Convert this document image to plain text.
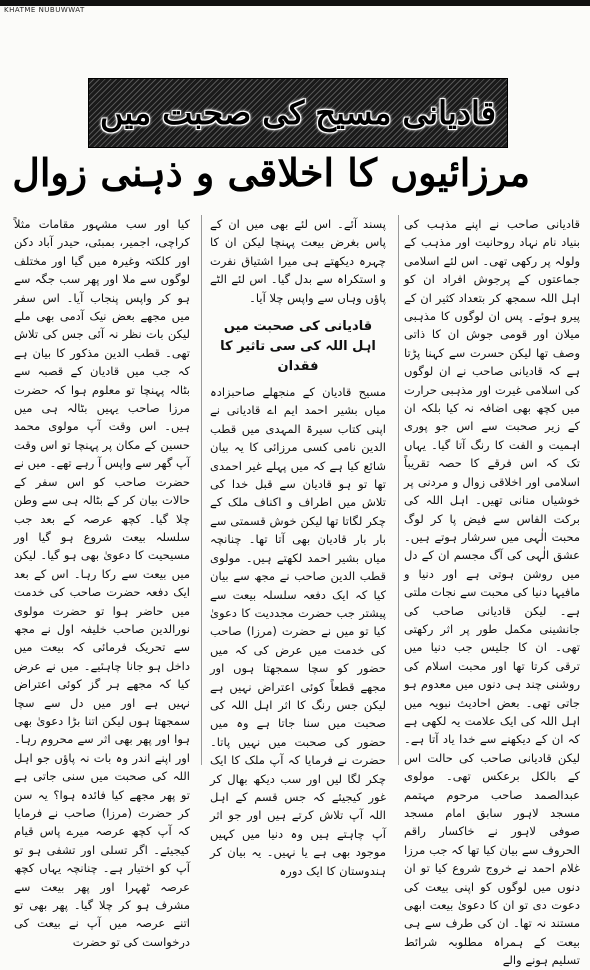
KHATME NUBUWWAT
قادیانی مسیح کی صحبت میں
مرزائیوں کا اخلاقی و ذہنی زوال

قادیانی صاحب نے اپنے مذہب کی بنیاد نام نہاد روحانیت اور مذہب کے ولولہ پر رکھی تھی۔ اس لئے اسلامی جماعتوں کے پرجوش افراد ان کو اہل اللہ سمجھ کر بتعداد کثیر ان کے پیرو ہوئے۔ پس ان لوگوں کا مذہبی میلان اور قومی جوش ان کا ذاتی وصف تھا لیکن حسرت سے کہنا پڑتا ہے کہ قادیانی صاحب نے ان لوگوں کی اسلامی غیرت اور مذہبی حرارت میں کچھ بھی اضافہ نہ کیا بلکہ ان کے زیر صحبت سے اس جو پوری اہمیت و الفت کا رنگ آتا گیا۔ یہاں تک کہ اس فرقے کا حصہ تقریباً اسلامی اور اخلاقی زوال و مردنی پر خوشیاں منانی تھیں۔ اہل اللہ کی برکت الفاس سے فیض پا کر لوگ محبت الٰہی میں سرشار ہوتے ہیں۔ عشق الٰہی کی آگ مجسم ان کے دل میں روشن ہوتی ہے اور دنیا و مافیہا دنیا کی محبت سے نجات ملتی ہے۔ لیکن قادیانی صاحب کی جانشینی مکمل طور پر اثر رکھتی تھی۔ ان کا جلیس جب دنیا میں ترقی کرتا تھا اور محبت اسلام کی روشنی چند ہی دنوں میں معدوم ہو جاتی تھی۔ بعض احادیث نبویہ میں اہل اللہ کی ایک علامت یہ لکھی ہے کہ ان کے دیکھنے سے خدا یاد آتا ہے۔ لیکن قادیانی صاحب کی حالت اس کے بالکل برعکس تھی۔ مولوی عبدالصمد صاحب مرحوم مہتمم مسجد لاہور سابق امام مسجد صوفی لاہور نے خاکسار راقم الحروف سے بیان کیا تھا کہ جب مرزا غلام احمد نے خروج شروع کیا تو ان دنوں میں لوگوں کو اپنی بیعت کی دعوت دی تو ان کا دعویٰ بیعت ابھی مستند نہ تھا۔ ان کی طرف سے ہی بیعت کے ہمراہ مطلوبہ شرائط تسلیم ہونے والے

پسند آئے۔ اس لئے بھی میں ان کے پاس بغرض بیعت پہنچا لیکن ان کا چہرہ دیکھتے ہی میرا اشتیاق نفرت و استکراہ سے بدل گیا۔ اس لئے الٹے پاؤں وہاں سے واپس چلا آیا۔

قادیانی کی صحبت میں اہل اللہ کی سی تاثیر کا فقدان

مسیح قادیان کے منجھلے صاحبزادہ میاں بشیر احمد ایم اے قادیانی نے اپنی کتاب سیرۃ المہدی میں قطب الدین نامی کسی مرزائی کا یہ بیان شائع کیا ہے کہ میں پہلے غیر احمدی تھا تو ہو قادیان سے قبل خدا کی تلاش میں اطراف و اکناف ملک کے چکر لگاتا تھا لیکن خوش قسمتی سے بار بار قادیان بھی آتا تھا۔ چنانچہ میاں بشیر احمد لکھتے ہیں۔ مولوی قطب الدین صاحب نے مجھ سے بیان کیا کہ ایک دفعہ سلسلہ بیعت سے پیشتر جب حضرت مجددیت کا دعویٰ کیا تو میں نے حضرت (مرزا) صاحب کی خدمت میں عرض کی کہ میں حضور کو سچا سمجھتا ہوں اور مجھے قطعاً کوئی اعتراض نہیں ہے لیکن جس رنگ کا اثر اہل اللہ کی صحبت میں سنا جاتا ہے وہ میں حضور کی صحبت میں نہیں پاتا۔ حضرت نے فرمایا کہ آپ ملک کا ایک چکر لگا لیں اور سب دیکھ بھال کر غور کیجیئے کہ جس قسم کے اہل اللہ آپ تلاش کرتے ہیں اور جو اثر آپ چاہتے ہیں وہ دنیا میں کہیں موجود بھی ہے یا نہیں۔ یہ بیان کر ہندوستان کا ایک دورہ

کیا اور سب مشہور مقامات مثلاً کراچی، اجمیر، بمبئی، حیدر آباد دکن اور کلکتہ وغیرہ میں گیا اور مختلف لوگوں سے ملا اور پھر سب جگہ سے ہو کر واپس پنجاب آیا۔ اس سفر میں مجھے بعض نیک آدمی بھی ملے لیکن بات نظر نہ آئی جس کی تلاش تھی۔ قطب الدین مذکور کا بیان ہے کہ جب میں قادیان کے قصبہ سے بٹالہ پہنچا تو معلوم ہوا کہ حضرت مرزا صاحب یہیں بٹالہ ہی میں ہیں۔ اس وقت آپ مولوی محمد حسین کے مکان پر پہنچا تو اس وقت آپ گھر سے واپس آ رہے تھے۔ میں نے حضرت صاحب کو اس سفر کے حالات بیان کر کے بٹالہ ہی سے وطن چلا گیا۔ کچھ عرصہ کے بعد جب سلسلہ بیعت شروع ہو گیا اور مسیحیت کا دعویٰ بھی ہو گیا۔ لیکن میں بیعت سے رکا رہا۔ اس کے بعد ایک دفعہ حضرت صاحب کی خدمت میں حاضر ہوا تو حضرت مولوی نورالدین صاحب خلیفہ اول نے مجھ سے تحریک فرمائی کہ بیعت میں داخل ہو جانا چاہئیے۔ میں نے عرض کیا کہ مجھے ہر گز کوئی اعتراض نہیں ہے اور میں دل سے سچا سمجھتا ہوں لیکن اتنا بڑا دعویٰ بھی ہوا اور پھر بھی اثر سے محروم رہا۔ اور اپنے اندر وہ بات نہ پاؤں جو اہل اللہ کی صحبت میں سنی جاتی ہے تو پھر مجھے کیا فائدہ ہوا؟ یہ سن کر حضرت (مرزا) صاحب نے فرمایا کہ آپ کچھ عرصہ میرے پاس قیام کیجیئے۔ اگر تسلی اور تشفی ہو تو آپ کو اختیار ہے۔ چنانچہ یہاں کچھ عرصہ ٹھہرا اور پھر بیعت سے مشرف ہو کر چلا گیا۔ پھر بھی تو اتنے عرصہ میں آپ نے بیعت کی درخواست کی تو حضرت
